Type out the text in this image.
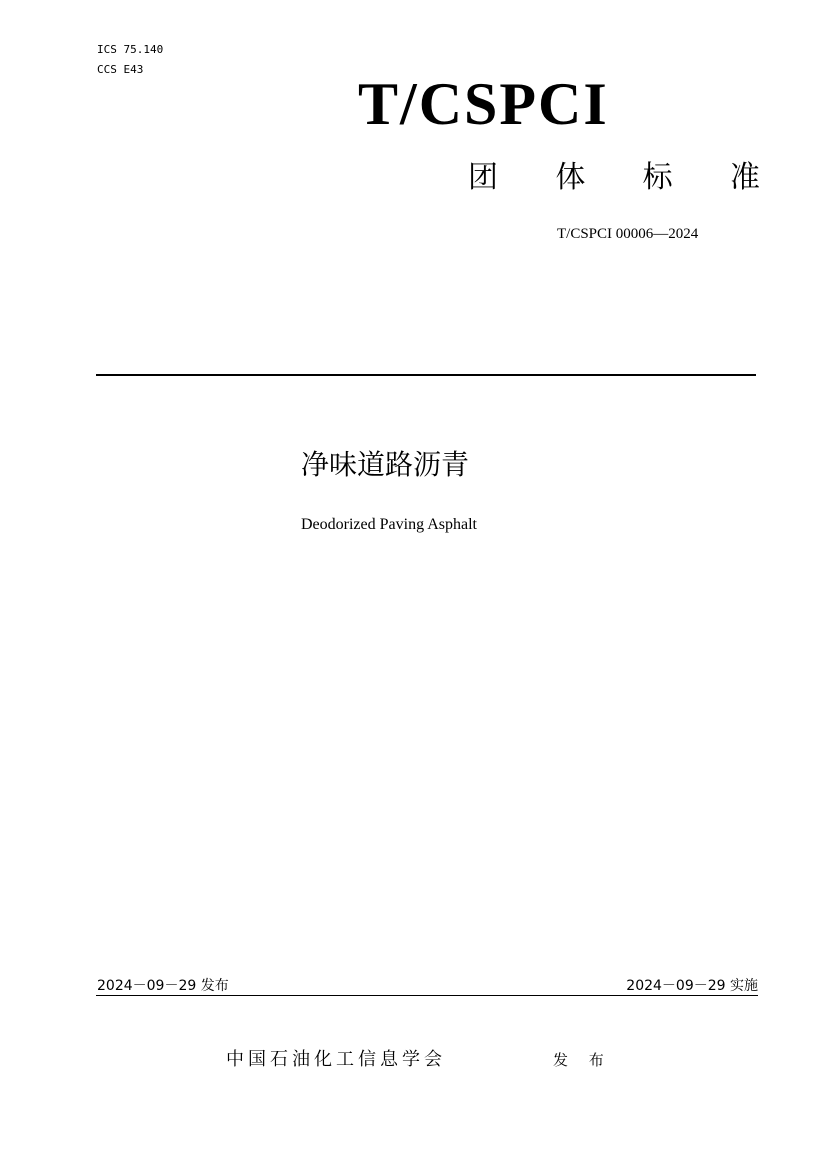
ICS 75.140
CCS E43
T/CSPCI
团 体 标 准
T/CSPCI 00006—2024
净味道路沥青
Deodorized Paving Asphalt
2024－09－29 发布	2024－09－29 实施
中国石油化工信息学会	发 布
